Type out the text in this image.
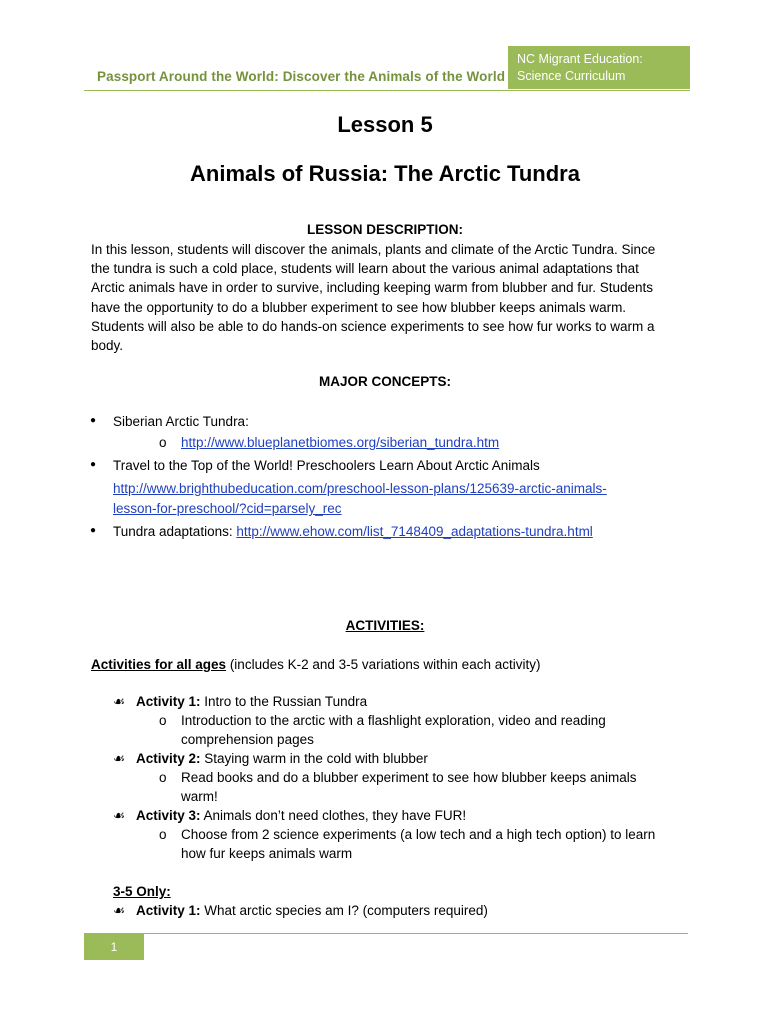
Passport Around the World: Discover the Animals of the World
NC Migrant Education:
Science Curriculum
Lesson 5
Animals of Russia: The Arctic Tundra
LESSON DESCRIPTION:
In this lesson, students will discover the animals, plants and climate of the Arctic Tundra. Since
the tundra is such a cold place, students will learn about the various animal adaptations that
Arctic animals have in order to survive, including keeping warm from blubber and fur. Students
have the opportunity to do a blubber experiment to see how blubber keeps animals warm.
Students will also be able to do hands-on science experiments to see how fur works to warm a
body.
MAJOR CONCEPTS:
● Siberian Arctic Tundra:
o http://www.blueplanetbiomes.org/siberian_tundra.htm
● Travel to the Top of the World! Preschoolers Learn About Arctic Animals
http://www.brighthubeducation.com/preschool-lesson-plans/125639-arctic-animals-
lesson-for-preschool/?cid=parsely_rec
● Tundra adaptations: http://www.ehow.com/list_7148409_adaptations-tundra.html
ACTIVITIES:
Activities for all ages (includes K-2 and 3-5 variations within each activity)
☙ Activity 1: Intro to the Russian Tundra
o Introduction to the arctic with a flashlight exploration, video and reading
comprehension pages
☙ Activity 2: Staying warm in the cold with blubber
o Read books and do a blubber experiment to see how blubber keeps animals
warm!
☙ Activity 3: Animals don’t need clothes, they have FUR!
o Choose from 2 science experiments (a low tech and a high tech option) to learn
how fur keeps animals warm
3-5 Only:
☙ Activity 1: What arctic species am I? (computers required)
1
